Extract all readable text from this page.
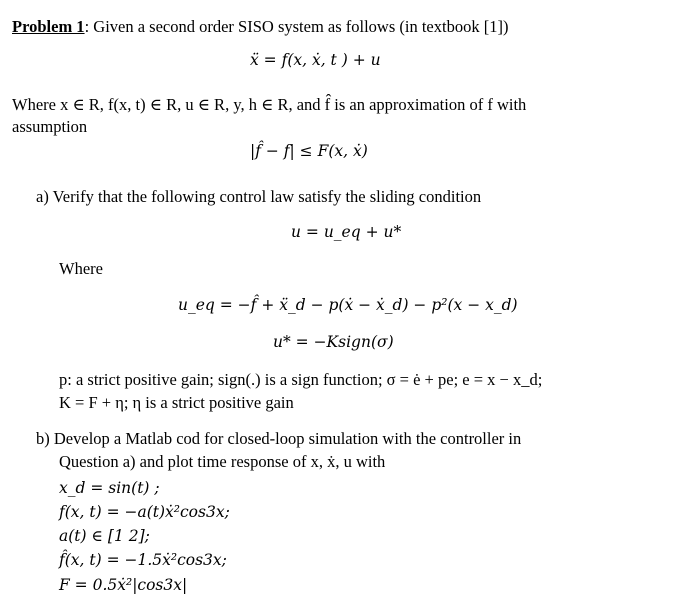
Problem 1: Given a second order SISO system as follows (in textbook [1])
ẍ = f(x, ẋ, t ) + u
Where x ∈ R, f(x, t) ∈ R, u ∈ R, y, h ∈ R, and f̂ is an approximation of f with
assumption
|f̂ − f| ≤ F(x, ẋ)
a) Verify that the following control law satisfy the sliding condition
u = u_eq + u*
Where
u_eq = −f̂ + ẍ_d − p(ẋ − ẋ_d) − p²(x − x_d)
u* = −Ksign(σ)
p: a strict positive gain; sign(.) is a sign function; σ = ė + pe; e = x − x_d;
K = F + η; η is a strict positive gain
b) Develop a Matlab cod for closed-loop simulation with the controller in
Question a) and plot time response of x, ẋ, u with
x_d = sin(t) ;
f(x, t) = −a(t)ẋ²cos3x;
a(t) ∈ [1 2];
f̂(x, t) = −1.5ẋ²cos3x;
F = 0.5ẋ²|cos3x|
